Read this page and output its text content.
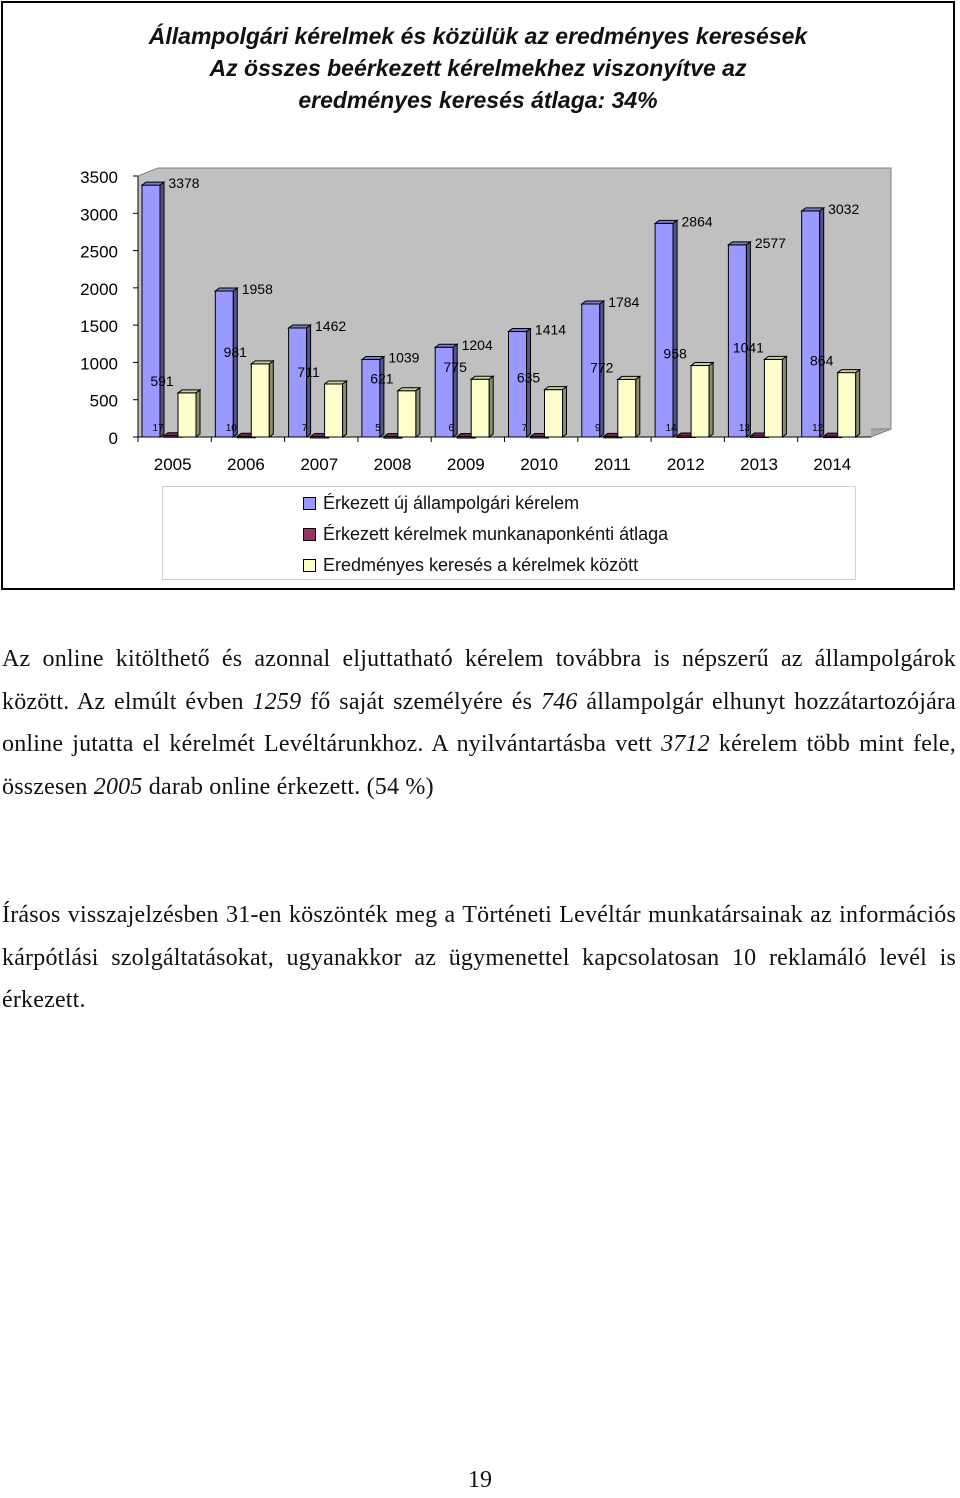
Állampolgári kérelmek és közülük az eredményes keresések
Az összes beérkezett kérelmekhez viszonyítve az
eredményes keresés átlaga: 34%
0
500
1000
1500
2000
2500
3000
3500
2005
3378
17
591
2006
1958
10
981
2007
1462
7
711
2008
1039
5
621
2009
1204
6
775
2010
1414
7
635
2011
1784
9
772
2012
2864
14
958
2013
2577
13
1041
2014
3032
12
864
Érkezett új állampolgári kérelem
Érkezett kérelmek munkanaponkénti átlaga
Eredményes keresés a kérelmek között
Az online kitölthető és azonnal eljuttatható kérelem továbbra is népszerű az állampolgárok között. Az elmúlt évben 1259 fő saját személyére és 746 állampolgár elhunyt hozzátartozójára online jutatta el kérelmét Levéltárunkhoz. A nyilvántartásba vett 3712 kérelem több mint fele, összesen 2005 darab online érkezett. (54 %)
Írásos visszajelzésben 31-en köszönték meg a Történeti Levéltár munkatársainak az információs kárpótlási szolgáltatásokat, ugyanakkor az ügymenettel kapcsolatosan 10 reklamáló levél is érkezett.
19
